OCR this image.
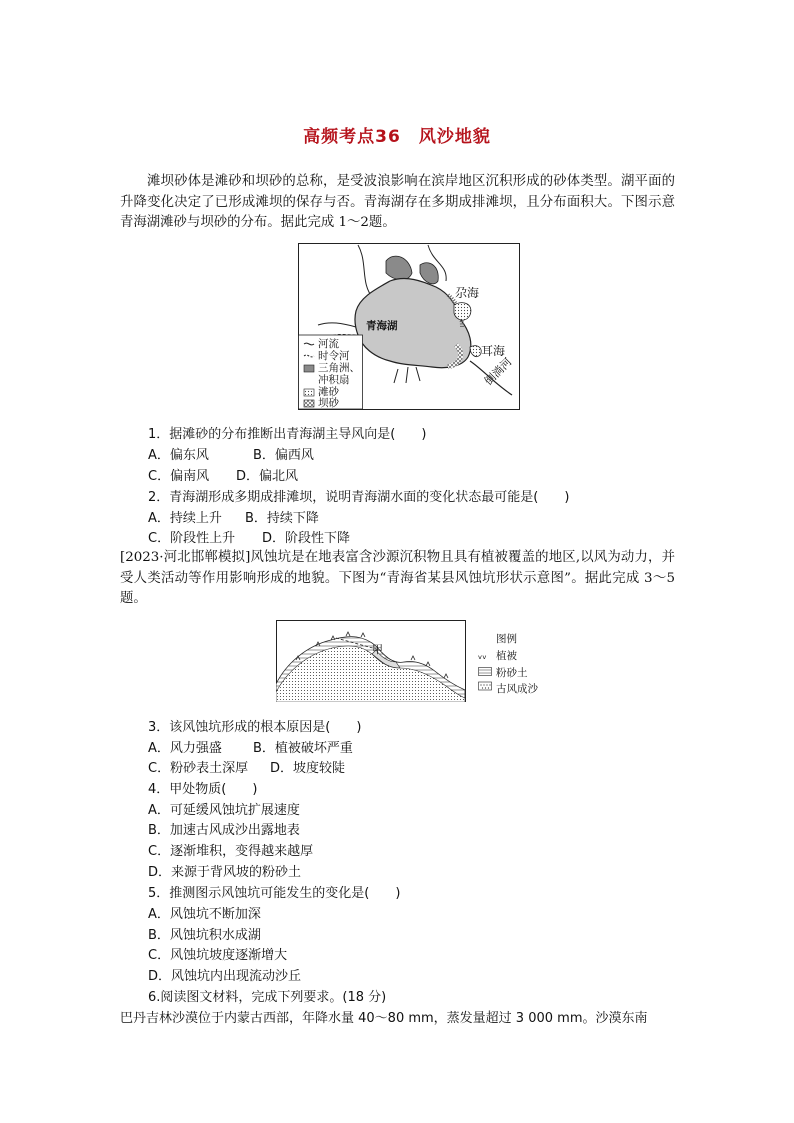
高频考点36　风沙地貌
滩坝砂体是滩砂和坝砂的总称，是受波浪影响在滨岸地区沉积形成的砂体类型。湖平面的升降变化决定了已形成滩坝的保存与否。青海湖存在多期成排滩坝，且分布面积大。下图示意青海湖滩砂与坝砂的分布。据此完成 1～2题。
青海湖
尕海
耳海
倒淌河
河流
时令河
三角洲、
冲积扇
滩砂
坝砂
1．据滩砂的分布推断出青海湖主导风向是(　　)
A．偏东风	B．偏西风
C．偏南风 D．偏北风
2．青海湖形成多期成排滩坝，说明青海湖水面的变化状态最可能是(　　)
A．持续上升 B．持续下降
C．阶段性上升 D．阶段性下降
[2023·河北邯郸模拟]风蚀坑是在地表富含沙源沉积物且具有植被覆盖的地区,以风为动力，并受人类活动等作用影响形成的地貌。下图为“青海省某县风蚀坑形状示意图”。据此完成 3～5题。
甲
图例
ᵥᵥ 植被
粉砂土
古风成沙
3．该风蚀坑形成的根本原因是(　　)
A．风力强盛 B．植被破坏严重
C．粉砂表土深厚 D．坡度较陡
4．甲处物质(　　)
A．可延缓风蚀坑扩展速度
B．加速古风成沙出露地表
C．逐渐堆积，变得越来越厚
D．来源于背风坡的粉砂土
5．推测图示风蚀坑可能发生的变化是(　　)
A．风蚀坑不断加深
B．风蚀坑积水成湖
C．风蚀坑坡度逐渐增大
D．风蚀坑内出现流动沙丘
6.阅读图文材料，完成下列要求。(18 分)
巴丹吉林沙漠位于内蒙古西部，年降水量 40～80 mm，蒸发量超过 3 000 mm。沙漠东南
